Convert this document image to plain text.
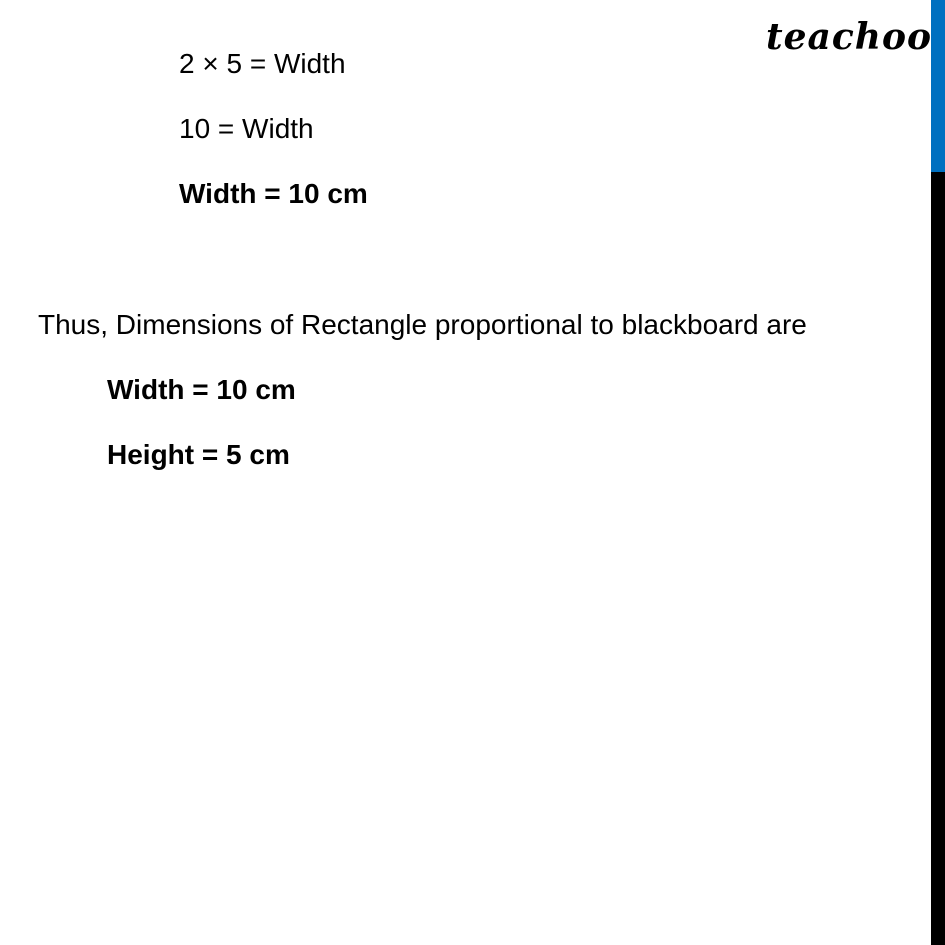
teachoo
2 × 5 = Width
10 = Width
Width = 10 cm
Thus, Dimensions of Rectangle proportional to blackboard are
Width = 10 cm
Height = 5 cm
